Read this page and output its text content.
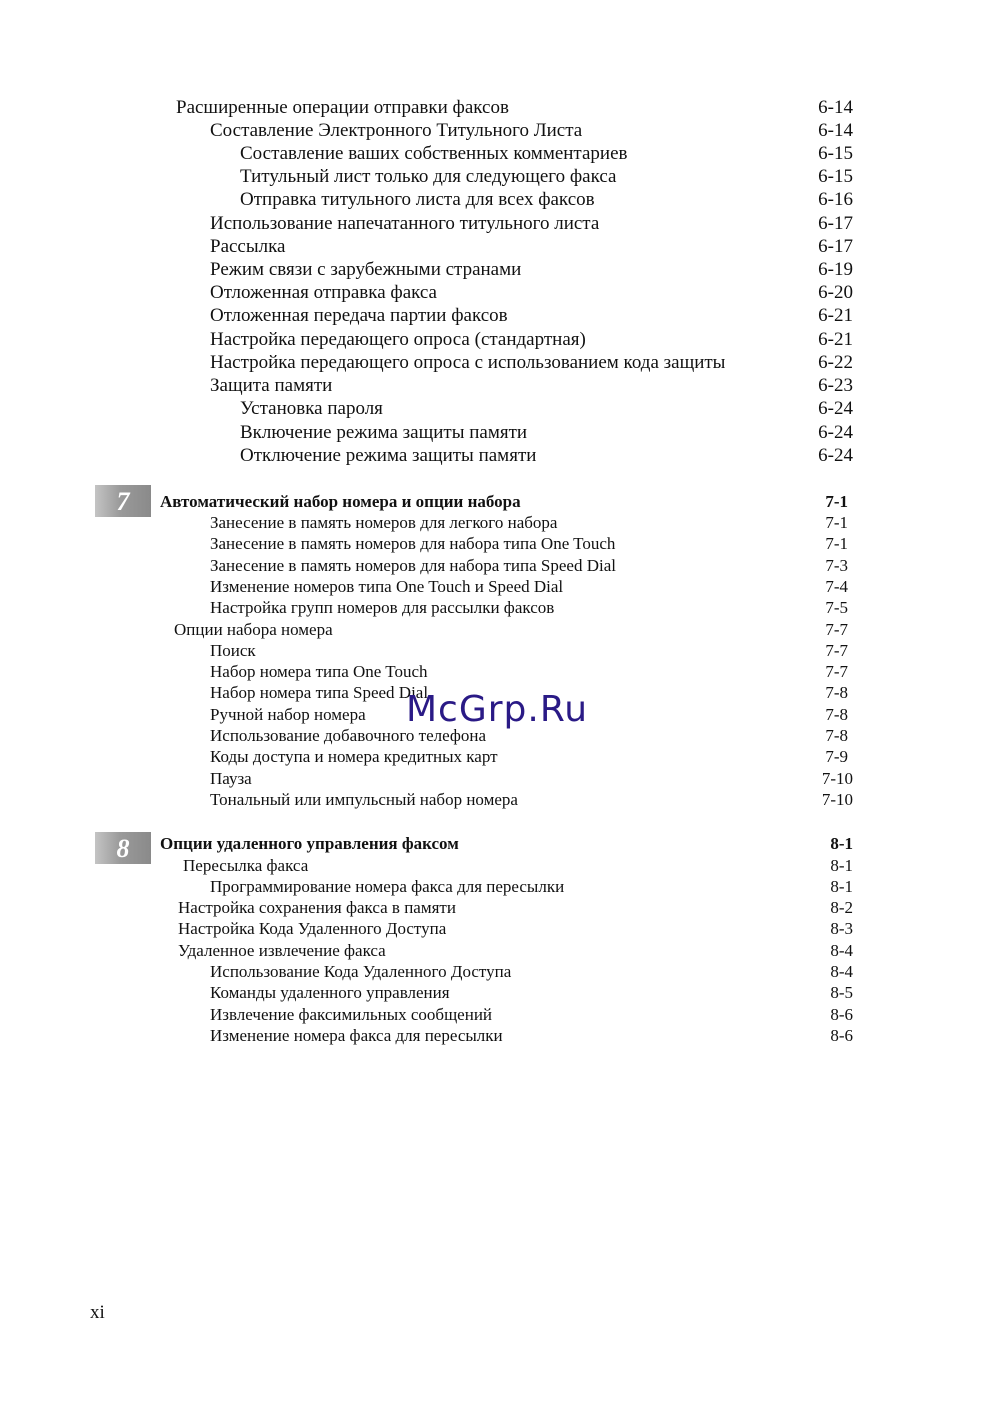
Расширенные операции отправки факсов	6-14
Составление Электронного Титульного Листа	6-14
Составление ваших собственных комментариев	6-15
Титульный лист только для следующего факса	6-15
Отправка титульного листа для всех факсов	6-16
Использование напечатанного титульного листа	6-17
Рассылка	6-17
Режим связи с зарубежными странами	6-19
Отложенная отправка факса	6-20
Отложенная передача партии факсов	6-21
Настройка передающего опроса (стандартная)	6-21
Настройка передающего опроса с использованием кода защиты	6-22
Защита памяти	6-23
Установка пароля	6-24
Включение режима защиты памяти	6-24
Отключение режима защиты памяти	6-24
7	Автоматический набор номера и опции набора	7-1
Занесение в память номеров для легкого набора	7-1
Занесение в память номеров для набора типа One Touch	7-1
Занесение в память номеров для набора типа Speed Dial	7-3
Изменение номеров типа One Touch и Speed Dial	7-4
Настройка групп номеров для рассылки факсов	7-5
Опции набора номера	7-7
Поиск	7-7
Набор номера типа One Touch	7-7
Набор номера типа Speed Dial	7-8
Ручной набор номера	7-8
Использование добавочного телефона	7-8
Коды доступа и номера кредитных карт	7-9
Пауза	7-10
Тональный или импульсный набор номера	7-10
8	Опции удаленного управления факсом	8-1
Пересылка факса	8-1
Программирование номера факса для пересылки	8-1
Настройка сохранения факса в памяти	8-2
Настройка Кода Удаленного Доступа	8-3
Удаленное извлечение факса	8-4
Использование Кода Удаленного Доступа	8-4
Команды удаленного управления	8-5
Извлечение факсимильных сообщений	8-6
Изменение номера факса для пересылки	8-6
McGrp.Ru
xi
